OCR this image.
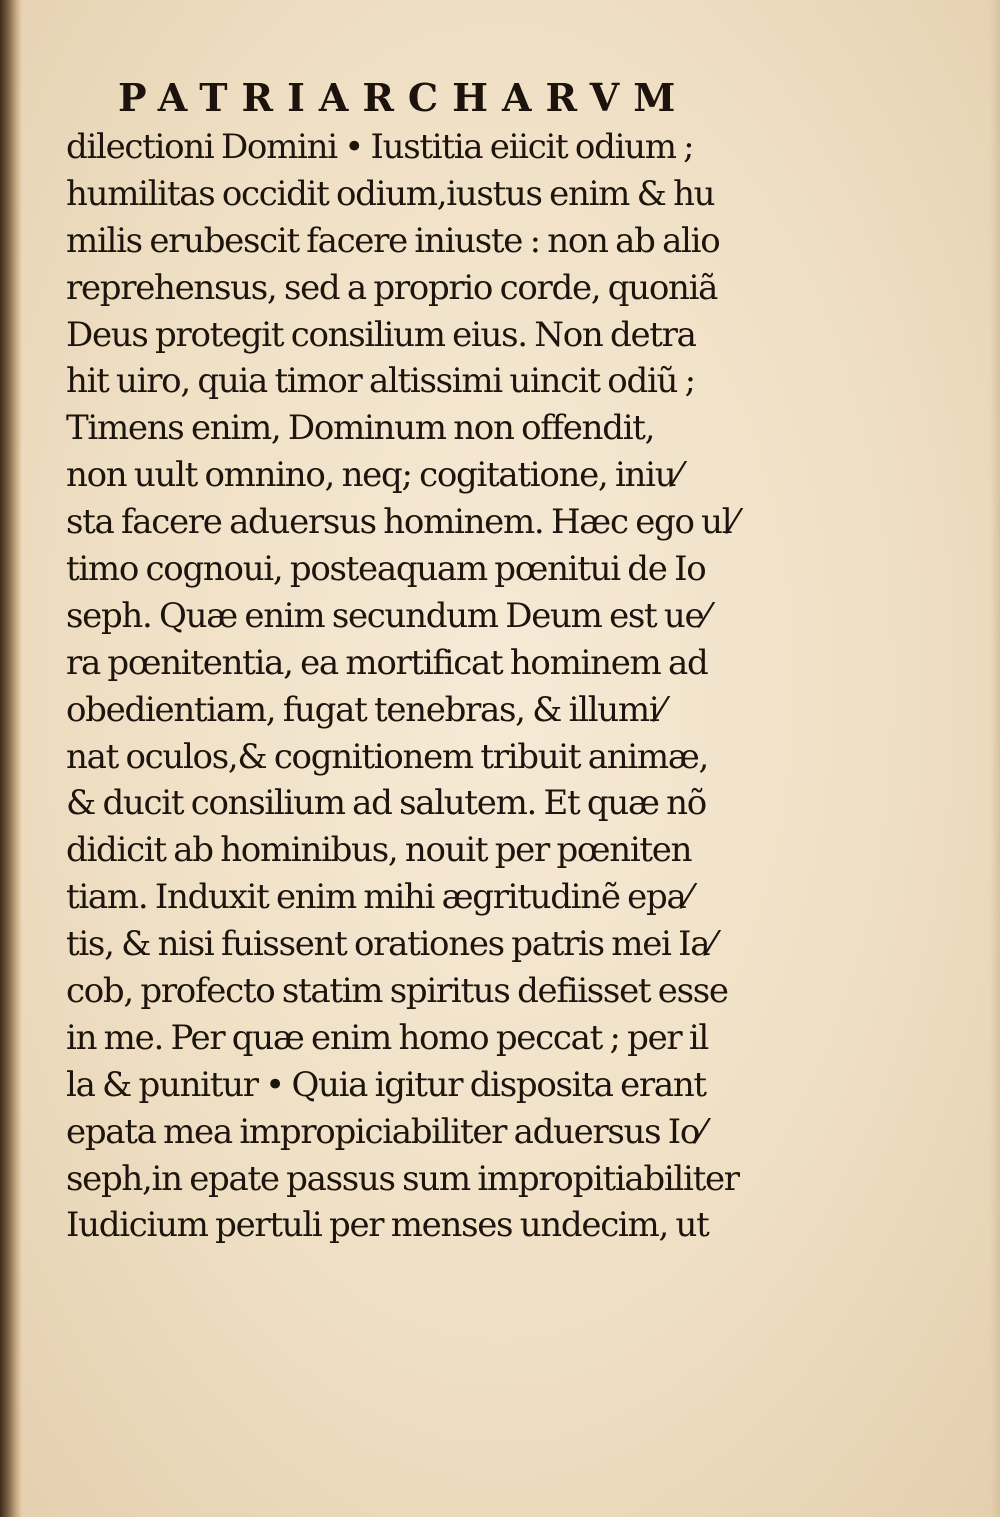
PATRIARCHARVM
dilectioni Domini • Iustitia eiicit odium ;
humilitas occidit odium,iustus enim & hu
milis erubescit facere iniuste : non ab alio
reprehensus, sed a proprio corde, quoniã
Deus protegit consilium eius. Non detra
hit uiro, quia timor altissimi uincit odiũ ;
Timens enim, Dominum non offendit,
non uult omnino, neq; cogitatione, iniu⁄
sta facere aduersus hominem. Hæc ego ul⁄
timo cognoui, posteaquam pœnitui de Io
seph. Quæ enim secundum Deum est ue⁄
ra pœnitentia, ea mortificat hominem ad
obedientiam, fugat tenebras, & illumi⁄
nat oculos,& cognitionem tribuit animæ,
& ducit consilium ad salutem. Et quæ nõ
didicit ab hominibus, nouit per pœniten
tiam. Induxit enim mihi ægritudinẽ epa⁄
tis, & nisi fuissent orationes patris mei Ia⁄
cob, profecto statim spiritus defiisset esse
in me. Per quæ enim homo peccat ; per il
la & punitur • Quia igitur disposita erant
epata mea impropiciabiliter aduersus Io⁄
seph,in epate passus sum impropitiabiliter
Iudicium pertuli per menses undecim, ut
